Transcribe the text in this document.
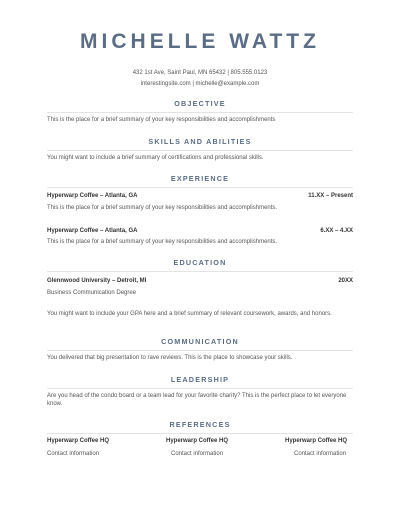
MICHELLE WATTZ
432 1st Ave, Saint Paul, MN 65432 | 805.555.0123
interestingsite.com | michelle@example.com
OBJECTIVE
This is the place for a brief summary of your key responsibilities and accomplishments
SKILLS AND ABILITIES
You might want to include a brief summary of certifications and professional skills.
EXPERIENCE
Hyperwarp Coffee – Atlanta, GA	11.XX – Present
This is the place for a brief summary of your key responsibilities and accomplishments.
Hyperwarp Coffee – Atlanta, GA	6.XX – 4.XX
This is the place for a brief summary of your key responsibilities and accomplishments.
EDUCATION
Glennwood University – Detroit, MI	20XX
Business Communication Degree
You might want to include your GPA here and a brief summary of relevant coursework, awards, and honors.
COMMUNICATION
You delivered that big presentation to rave reviews. This is the place to showcase your skills.
LEADERSHIP
Are you head of the condo board or a team lead for your favorite charity? This is the perfect place to let everyone know.
REFERENCES
Hyperwarp Coffee HQ
Contact information
Hyperwarp Coffee HQ
Contact information
Hyperwarp Coffee HQ
Contact information
